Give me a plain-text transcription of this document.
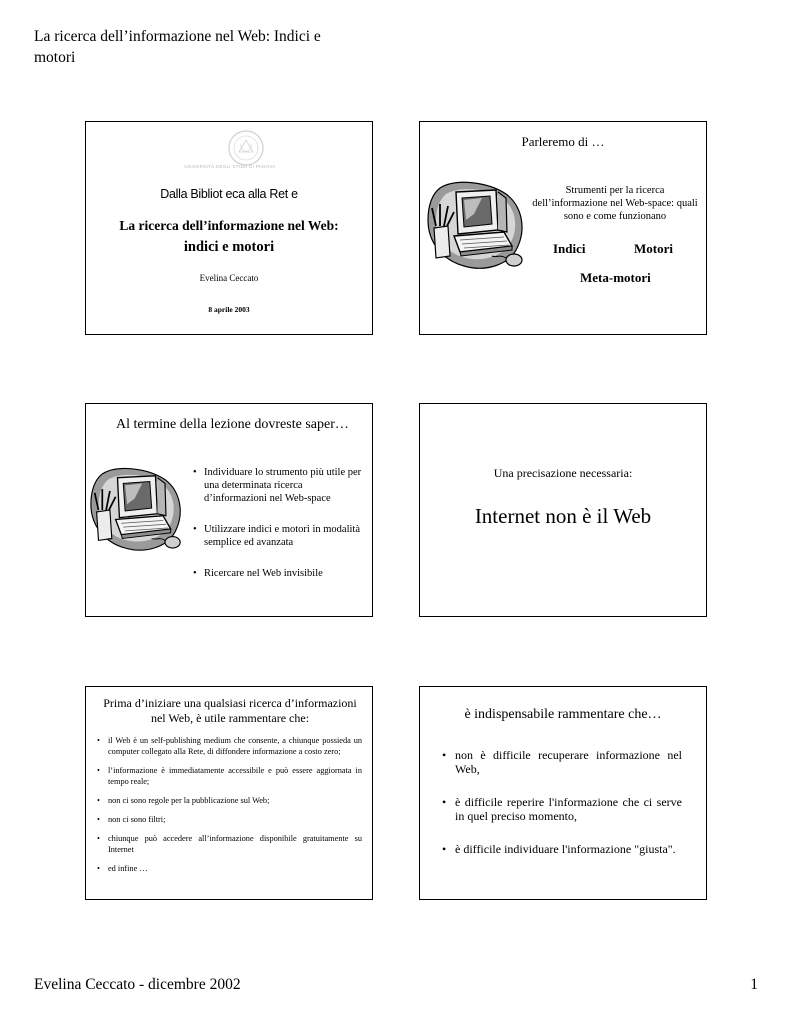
La ricerca dell’informazione nel Web: Indici e motori
UNIVERSITÀ DEGLI STUDI DI PADOVA
Dalla Bibliot eca alla Ret e
La ricerca dell’informazione nel Web:
indici e motori
Evelina Ceccato
8 aprile 2003
Parleremo di …
Strumenti per la ricerca dell’informazione nel Web-space: quali sono e come funzionano
Indici	Motori
Meta-motori
Al termine della lezione dovreste saper…
• Individuare lo strumento più utile per una determinata ricerca d’informazioni nel Web-space
• Utilizzare indici e motori in modalità semplice ed avanzata
• Ricercare nel Web invisibile
Una precisazione necessaria:
Internet non è il Web
Prima d’iniziare una qualsiasi ricerca d’informazioni nel Web, è utile rammentare che:
• il Web è un self-publishing medium che consente, a chiunque possieda un computer collegato alla Rete, di diffondere informazione a costo zero;
• l’informazione è immediatamente accessibile e può essere aggiornata in tempo reale;
• non ci sono regole per la pubblicazione sul Web;
• non ci sono filtri;
• chiunque può accedere all’informazione disponibile gratuitamente su Internet
• ed infine …
è indispensabile rammentare che…
• non è difficile recuperare informazione nel Web,
• è difficile reperire l'informazione che ci serve in quel preciso momento,
• è difficile individuare l'informazione "giusta".
Evelina Ceccato - dicembre 2002	1
